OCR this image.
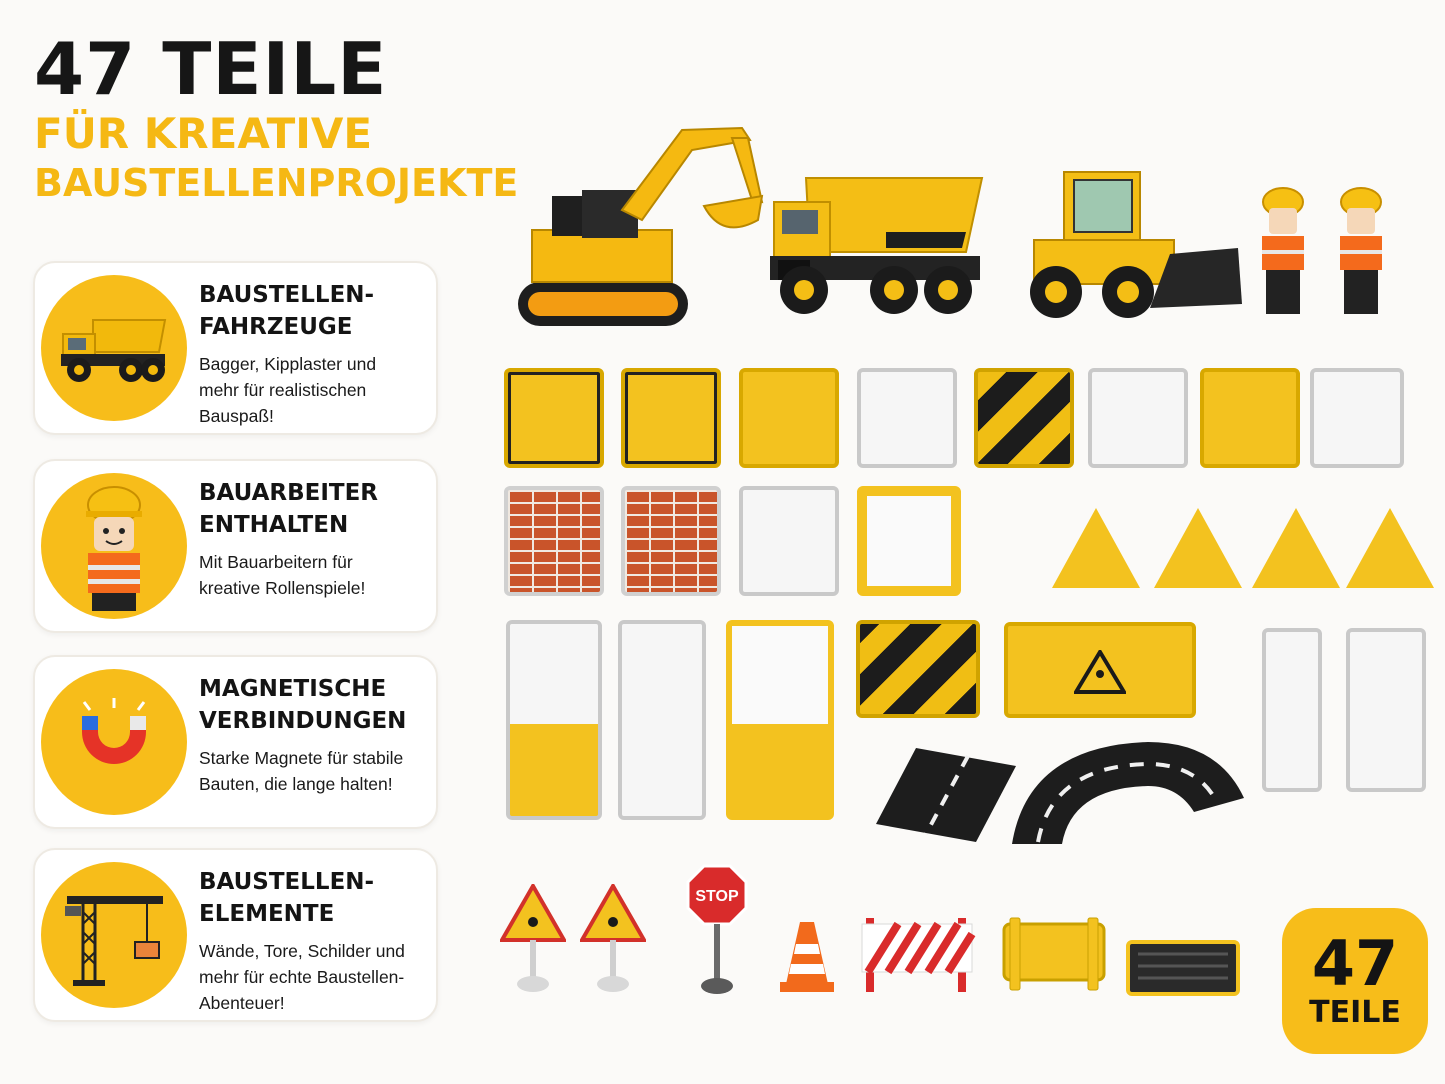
47 TEILE
FÜR KREATIVE
BAUSTELLENPROJEKTE
BAUSTELLEN-
FAHRZEUGE
Bagger, Kipplaster und
mehr für realistischen
Bauspaß!
BAUARBEITER
ENTHALTEN
Mit Bauarbeitern für
kreative Rollenspiele!
MAGNETISCHE
VERBINDUNGEN
Starke Magnete für stabile
Bauten, die lange halten!
BAUSTELLEN-
ELEMENTE
Wände, Tore, Schilder und
mehr für echte Baustellen-
Abenteuer!
STOP
47
TEILE
